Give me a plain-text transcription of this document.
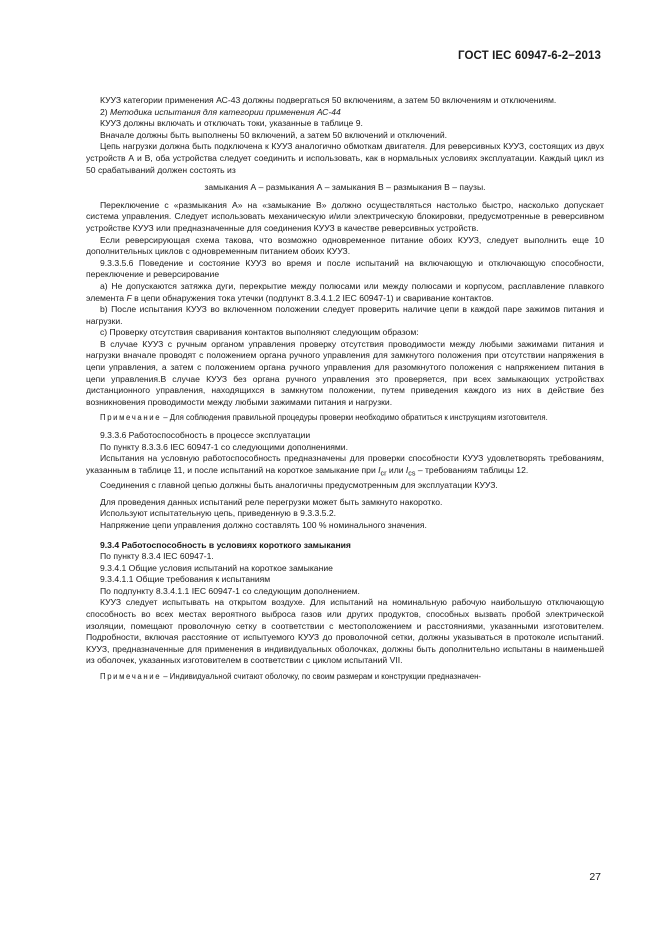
ГОСТ IEC 60947-6-2−2013

КУУЗ категории применения АС-43 должны подвергаться 50 включениям, а затем 50 включениям и отключениям.

2) Методика испытания для категории применения АС-44

КУУЗ должны включать и отключать токи, указанные в таблице 9.

Вначале должны быть выполнены 50 включений, а затем 50 включений и отключений.

Цепь нагрузки должна быть подключена к КУУЗ аналогично обмоткам двигателя. Для реверсивных КУУЗ, состоящих из двух устройств А и В, оба устройства следует соединить и использовать, как в нормальных условиях эксплуатации. Каждый цикл из 50 срабатываний должен состоять из

замыкания А – размыкания А – замыкания В – размыкания В – паузы.

Переключение с «размыкания А» на «замыкание В» должно осуществляться настолько быстро, насколько допускает система управления. Следует использовать механическую и/или электрическую блокировки, предусмотренные в реверсивном устройстве КУУЗ или предназначенные для соединения КУУЗ в качестве реверсивных устройств.

Если реверсирующая схема такова, что возможно одновременное питание обоих КУУЗ, следует выполнить еще 10 дополнительных циклов с одновременным питанием обоих КУУЗ.

9.3.3.5.6 Поведение и состояние КУУЗ во время и после испытаний на включающую и отключающую способности, переключение и реверсирование

a) Не допускаются затяжка дуги, перекрытие между полюсами или между полюсами и корпусом, расплавление плавкого элемента F в цепи обнаружения тока утечки (подпункт 8.3.4.1.2 IEC 60947-1) и сваривание контактов.

b) После испытания КУУЗ во включенном положении следует проверить наличие цепи в каждой паре зажимов питания и нагрузки.

c) Проверку отсутствия сваривания контактов выполняют следующим образом:

В случае КУУЗ с ручным органом управления проверку отсутствия проводимости между любыми зажимами питания и нагрузки вначале проводят с положением органа ручного управления для замкнутого положения при отсутствии напряжения в цепи управления, а затем с положением органа ручного управления для разомкнутого положения с напряжением питания в цепи управления.В случае КУУЗ без органа ручного управления это проверяется, при всех замыкающих устройствах дистанционного управления, находящихся в замкнутом положении, путем приведения каждого из них в действие без возникновения проводимости между любыми зажимами питания и нагрузки.

Примечание – Для соблюдения правильной процедуры проверки необходимо обратиться к инструкциям изготовителя.

9.3.3.6 Работоспособность в процессе эксплуатации

По пункту 8.3.3.6 IEC 60947-1 со следующими дополнениями.

Испытания на условную работоспособность предназначены для проверки способности КУУЗ удовлетворять требованиям, указанным в таблице 11, и после испытаний на короткое замыкание при $I_{cr}$ или $I_{cs}$ – требованиям таблицы 12.

Соединения с главной цепью должны быть аналогичны предусмотренным для эксплуатации КУУЗ.

Для проведения данных испытаний реле перегрузки может быть замкнуто накоротко.

Используют испытательную цепь, приведенную в 9.3.3.5.2.

Напряжение цепи управления должно составлять 100 % номинального значения.

9.3.4 Работоспособность в условиях короткого замыкания

По пункту 8.3.4 IEC 60947-1.

9.3.4.1 Общие условия испытаний на короткое замыкание

9.3.4.1.1 Общие требования к испытаниям

По подпункту 8.3.4.1.1 IEC 60947-1 со следующим дополнением.

КУУЗ следует испытывать на открытом воздухе. Для испытаний на номинальную рабочую наибольшую отключающую способность во всех местах вероятного выброса газов или других продуктов, способных вызвать пробой электрической изоляции, помещают проволочную сетку в соответствии с местоположением и расстояниями, указанными изготовителем. Подробности, включая расстояние от испытуемого КУУЗ до проволочной сетки, должны указываться в протоколе испытаний. КУУЗ, предназначенные для применения в индивидуальных оболочках, должны быть дополнительно испытаны в наименьшей из оболочек, указанных изготовителем в соответствии с циклом испытаний VII.

Примечание – Индивидуальной считают оболочку, по своим размерам и конструкции предназначен-

27
